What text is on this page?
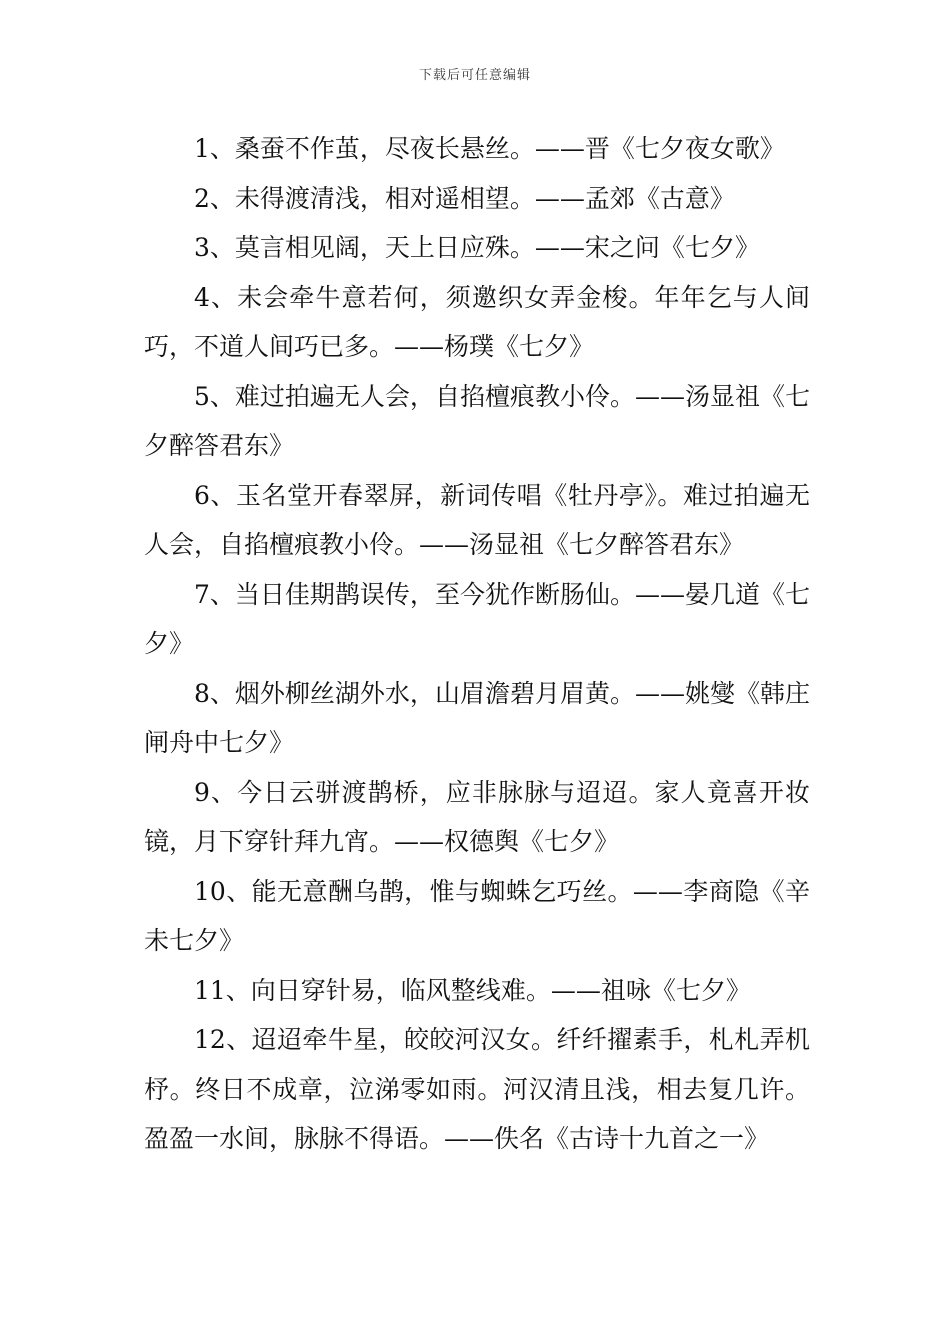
下载后可任意编辑

1、桑蚕不作茧，尽夜长悬丝。——晋《七夕夜女歌》

2、未得渡清浅，相对遥相望。——孟郊《古意》

3、莫言相见阔，天上日应殊。——宋之问《七夕》

4、未会牵牛意若何，须邀织女弄金梭。年年乞与人间巧，不道人间巧已多。——杨璞《七夕》

5、难过拍遍无人会，自掐檀痕教小伶。——汤显祖《七夕醉答君东》

6、玉名堂开春翠屏，新词传唱《牡丹亭》。难过拍遍无人会，自掐檀痕教小伶。——汤显祖《七夕醉答君东》

7、当日佳期鹊误传，至今犹作断肠仙。——晏几道《七夕》

8、烟外柳丝湖外水，山眉澹碧月眉黄。——姚燮《韩庄闸舟中七夕》

9、今日云骈渡鹊桥，应非脉脉与迢迢。家人竟喜开妆镜，月下穿针拜九宵。——权德舆《七夕》

10、能无意酬乌鹊，惟与蜘蛛乞巧丝。——李商隐《辛未七夕》

11、向日穿针易，临风整线难。——祖咏《七夕》

12、迢迢牵牛星，皎皎河汉女。纤纤擢素手，札札弄机杼。终日不成章，泣涕零如雨。河汉清且浅，相去复几许。盈盈一水间，脉脉不得语。——佚名《古诗十九首之一》
